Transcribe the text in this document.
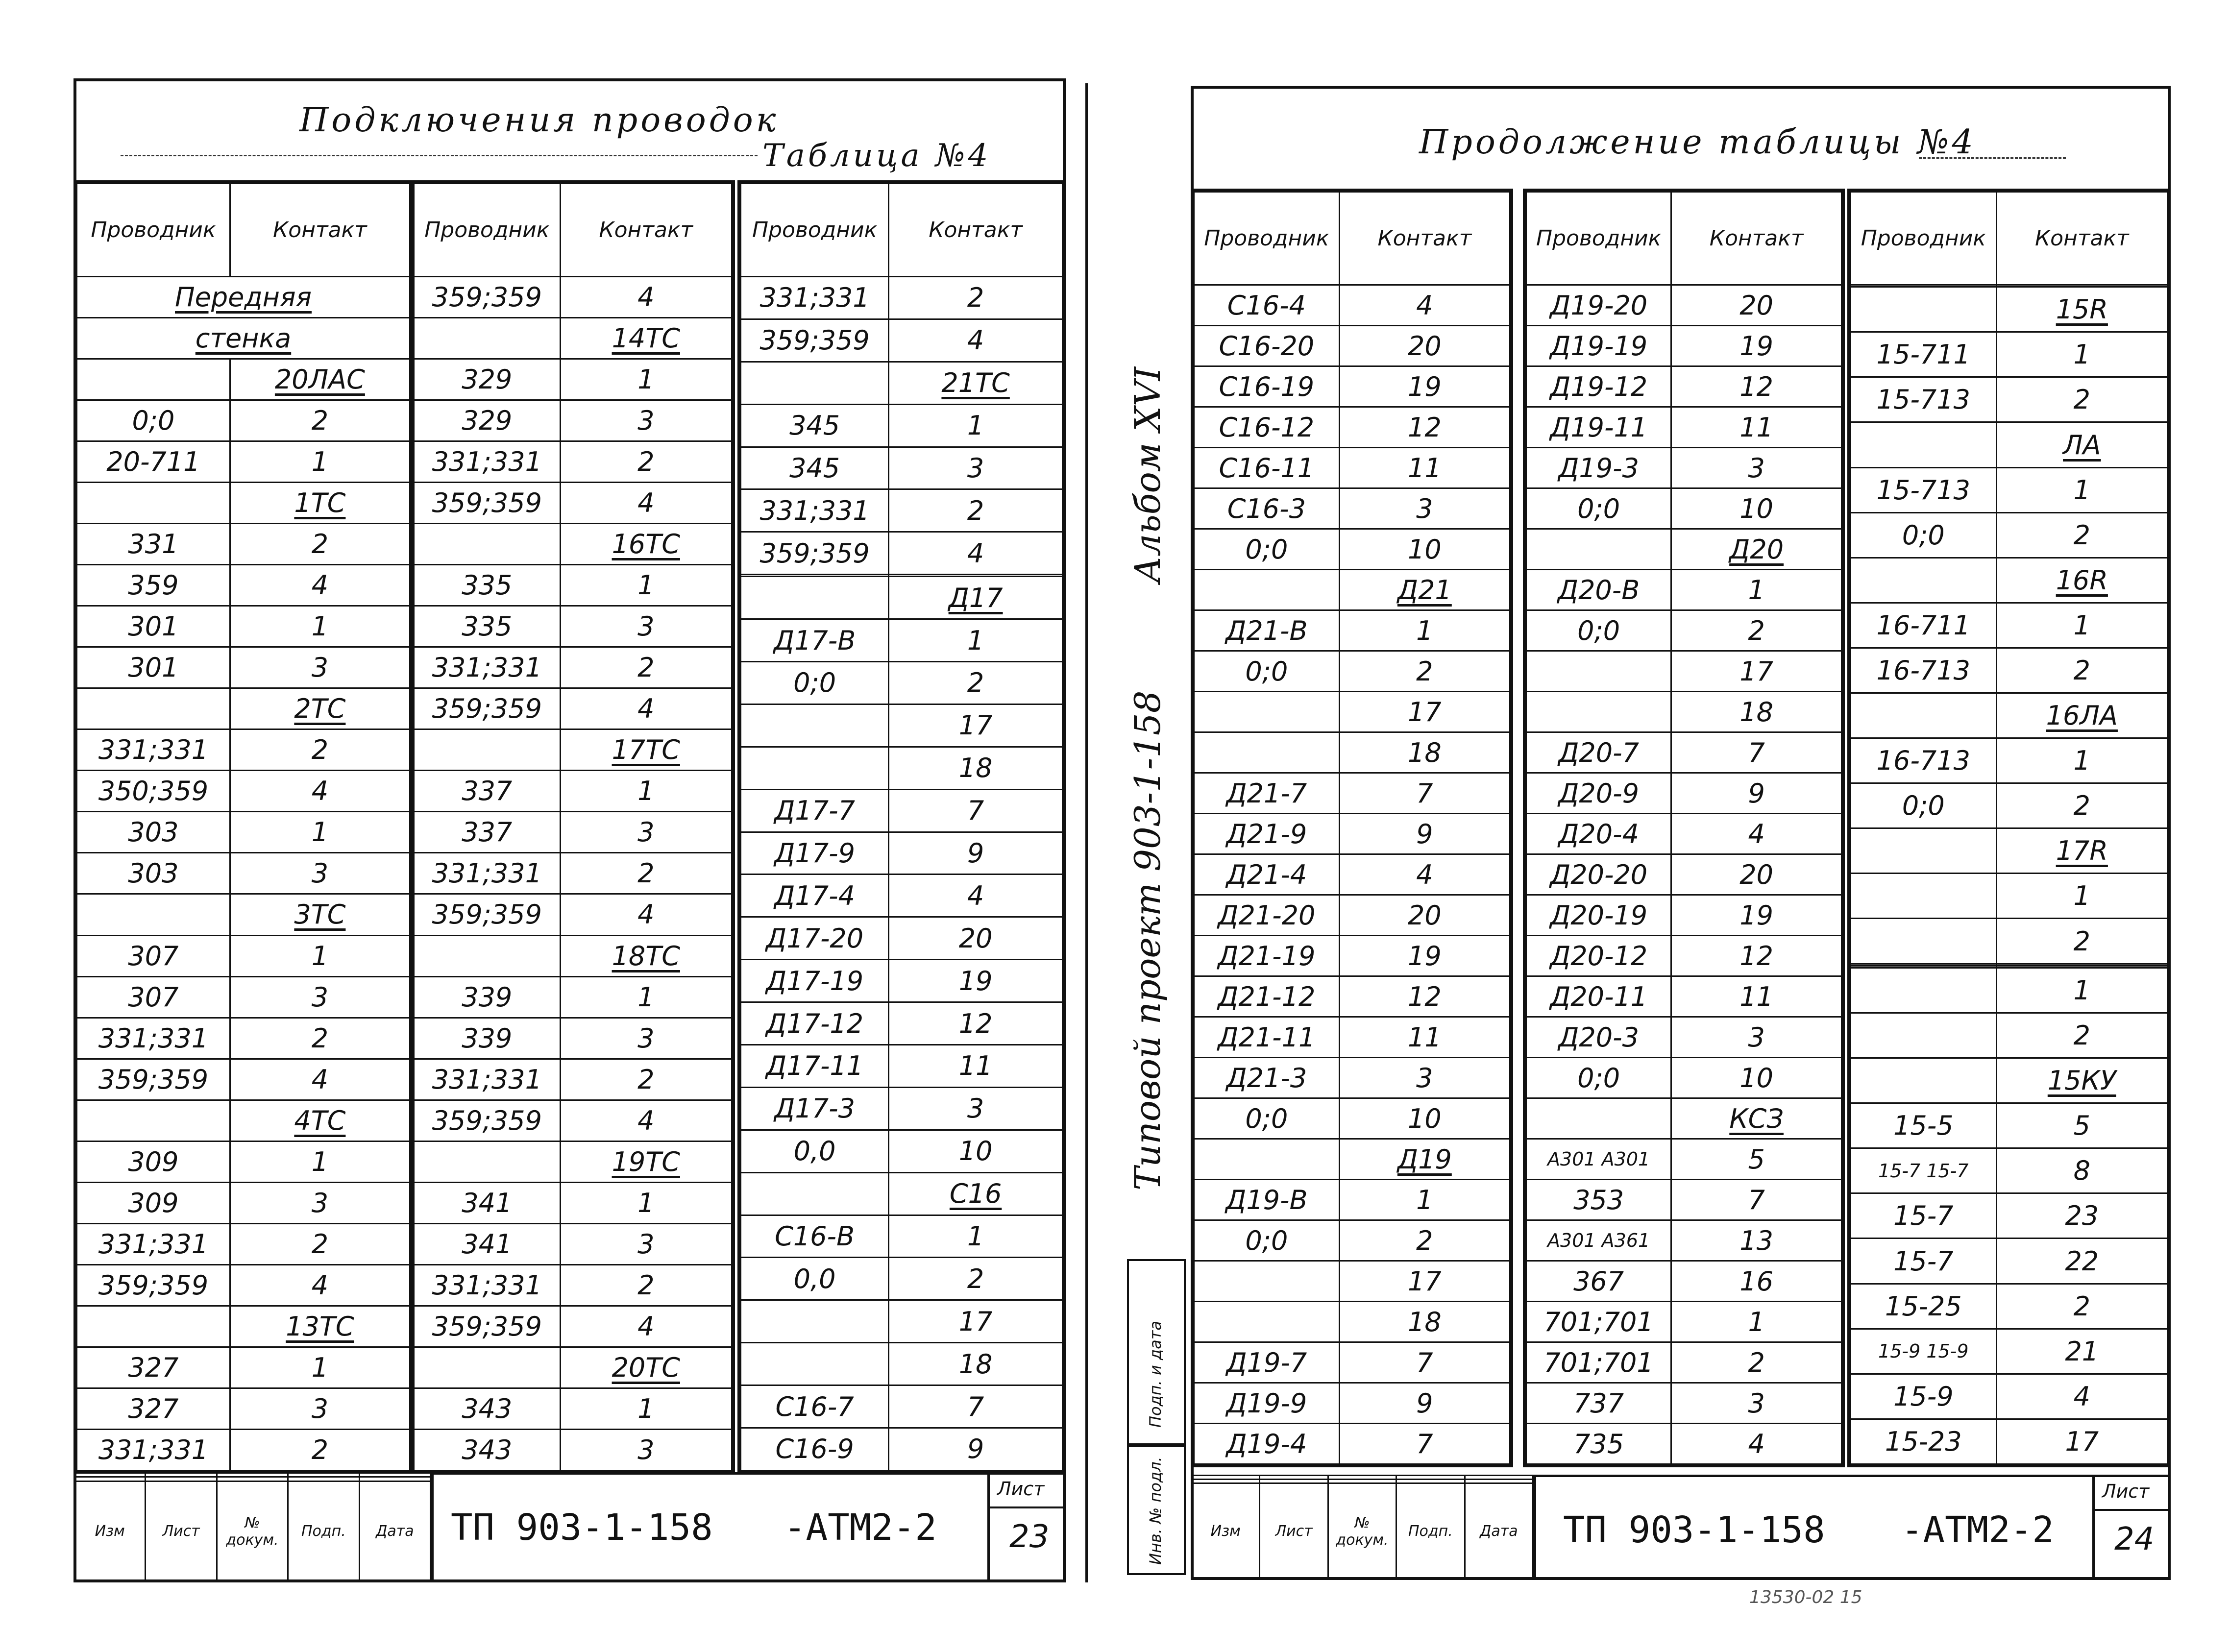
Подключения проводок
Таблица №4
Проводник	Контакт
Передняя	
стенка	
	20ЛАС
0;0	2
20-711	1
	1ТС
331	2
359	4
301	1
301	3
	2ТС
331;331	2
350;359	4
303	1
303	3
	3ТС
307	1
307	3
331;331	2
359;359	4
	4ТС
309	1
309	3
331;331	2
359;359	4
	13ТС
327	1
327	3
331;331	2
Проводник	Контакт
359;359	4
	14ТС
329	1
329	3
331;331	2
359;359	4
	16ТС
335	1
335	3
331;331	2
359;359	4
	17ТС
337	1
337	3
331;331	2
359;359	4
	18ТС
339	1
339	3
331;331	2
359;359	4
	19ТС
341	1
341	3
331;331	2
359;359	4
	20ТС
343	1
343	3
Проводник	Контакт
331;331	2
359;359	4
	21ТС
345	1
345	3
331;331	2
359;359	4

	Д17
Д17-В	1
0;0	2
	17
	18
Д17-7	7
Д17-9	9
Д17-4	4
Д17-20	20
Д17-19	19
Д17-12	12
Д17-11	11
Д17-3	3
0,0	10
	С16
С16-В	1
0,0	2
	17
	18
С16-7	7
С16-9	9

Изм	Лист	№ докум.	Подп.	Дата ТП 903-1-158 -АТМ2-2
Лист
23
Альбом XVI
Типовой проект 903-1-158
Подп. и дата
Инв. № подл.
Продолжение таблицы №4
Проводник	Контакт
С16-4	4
С16-20	20
С16-19	19
С16-12	12
С16-11	11
С16-3	3
0;0	10
	Д21
Д21-В	1
0;0	2
	17
	18
Д21-7	7
Д21-9	9
Д21-4	4
Д21-20	20
Д21-19	19
Д21-12	12
Д21-11	11
Д21-3	3
0;0	10
	Д19
Д19-В	1
0;0	2
	17
	18
Д19-7	7
Д19-9	9
Д19-4	7
Проводник	Контакт
Д19-20	20
Д19-19	19
Д19-12	12
Д19-11	11
Д19-3	3
0;0	10
	Д20
Д20-В	1
0;0	2
	17
	18
Д20-7	7
Д20-9	9
Д20-4	4
Д20-20	20
Д20-19	19
Д20-12	12
Д20-11	11
Д20-3	3
0;0	10
	КСЗ
А301 А301	5
353	7
А301 А361	13
367	16
701;701	1
701;701	2
737	3
735	4
Проводник	Контакт

	15R
15-711	1
15-713	2
	ЛА
15-713	1
0;0	2
	16R
16-711	1
16-713	2
	16ЛА
16-713	1
0;0	2
	17R
	1
	2

	1
	2
	15КУ
15-5	5
15-7 15-7	8
15-7	23
15-7	22
15-25	2
15-9 15-9	21
15-9	4
15-23	17

Изм	Лист	№ докум.	Подп.	Дата ТП 903-1-158 -АТМ2-2
Лист
24
13530-02 15
